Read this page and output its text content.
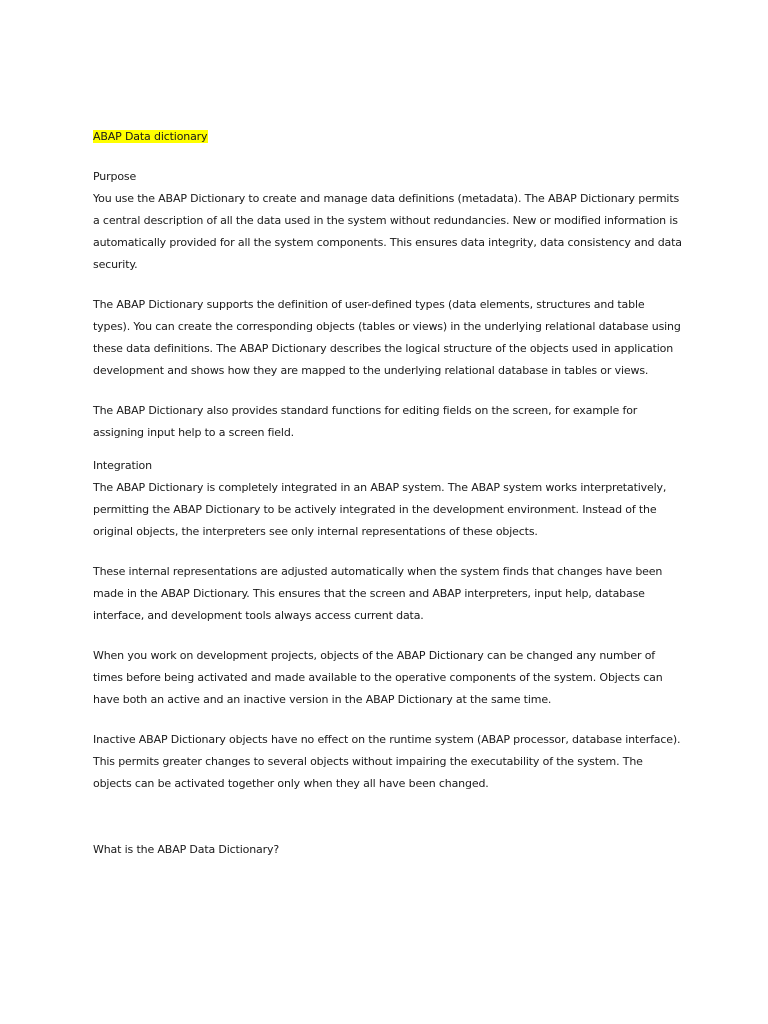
ABAP Data dictionary

Purpose

You use the ABAP Dictionary to create and manage data definitions (metadata). The ABAP Dictionary permits a central description of all the data used in the system without redundancies. New or modified information is automatically provided for all the system components. This ensures data integrity, data consistency and data security.

The ABAP Dictionary supports the definition of user-defined types (data elements, structures and table types). You can create the corresponding objects (tables or views) in the underlying relational database using these data definitions. The ABAP Dictionary describes the logical structure of the objects used in application development and shows how they are mapped to the underlying relational database in tables or views.

The ABAP Dictionary also provides standard functions for editing fields on the screen, for example for assigning input help to a screen field.

Integration

The ABAP Dictionary is completely integrated in an ABAP system. The ABAP system works interpretatively, permitting the ABAP Dictionary to be actively integrated in the development environment. Instead of the original objects, the interpreters see only internal representations of these objects.

These internal representations are adjusted automatically when the system finds that changes have been made in the ABAP Dictionary. This ensures that the screen and ABAP interpreters, input help, database interface, and development tools always access current data.

When you work on development projects, objects of the ABAP Dictionary can be changed any number of times before being activated and made available to the operative components of the system. Objects can have both an active and an inactive version in the ABAP Dictionary at the same time.

Inactive ABAP Dictionary objects have no effect on the runtime system (ABAP processor, database interface). This permits greater changes to several objects without impairing the executability of the system. The objects can be activated together only when they all have been changed.

What is the ABAP Data Dictionary?
